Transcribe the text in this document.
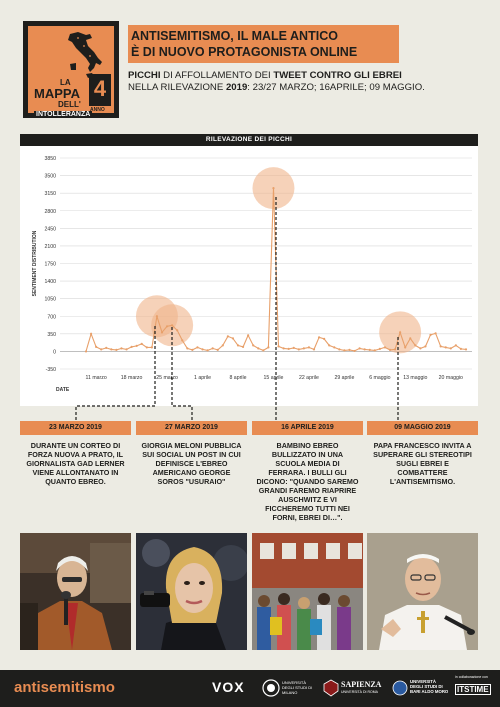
LA
MAPPA
DELL'
INTOLLERANZA
4
ANNO
ANTISEMITISMO, IL MALE ANTICO
È DI NUOVO PROTAGONISTA ONLINE
PICCHI DI AFFOLLAMENTO DEI TWEET CONTRO GLI EBREI
NELLA RILEVAZIONE 2019: 23/27 MARZO; 16APRILE; 09 MAGGIO.
RILEVAZIONE DEI PICCHI
-350
0
350
700
1050
1400
1750
2100
2450
2800
3150
3500
3850
11 marzo	18 marzo	25 marzo	1 aprile	8 aprile	15 aprile	22 aprile	29 aprile	6 maggio 13 maggio 20 maggio
SENTIMENT DISTRIBUTION
DATE
23 MARZO 2019	27 MARZO 2019	16 APRILE 2019	09 MAGGIO 2019
DURANTE UN CORTEO DI FORZA NUOVA A PRATO, IL GIORNALISTA GAD LERNER VIENE ALLONTANATO IN QUANTO EBREO.
GIORGIA MELONI PUBBLICA SUI SOCIAL UN POST IN CUI DEFINISCE L'EBREO AMERICANO GEORGE SOROS "USURAIO"
BAMBINO EBREO BULLIZZATO IN UNA SCUOLA MEDIA DI FERRARA. I BULLI GLI DICONO: "QUANDO SAREMO GRANDI FAREMO RIAPRIRE AUSCHWITZ E VI FICCHEREMO TUTTI NEI FORNI, EBREI DI…".
PAPA FRANCESCO INVITA A SUPERARE GLI STEREOTIPI SUGLI EBREI E COMBATTERE L'ANTISEMITISMO.
antisemitismo	VOX	UNIVERSITÀ DEGLI STUDI DI MILANO
SAPIENZA
UNIVERSITÀ DI ROMA
UNIVERSITÀ DEGLI STUDI DI BARI ALDO MORO
in collaborazione con
ITSTIME
